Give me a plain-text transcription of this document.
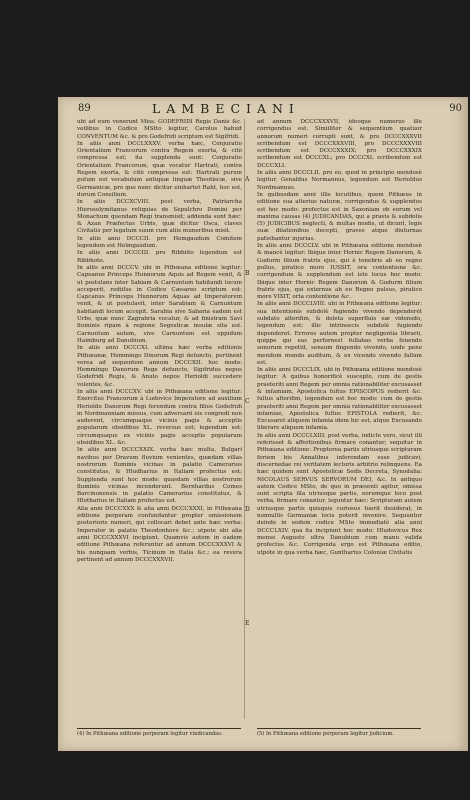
89	LAMBECIANI	90

ubi ad eum venerunt Miss. GODEFRIDI Regis Danis &c. veilibus in Codice MStto legitur, Carolus habuit CONVENTUM &c. & pro Godefridi scriptum est Sigifridi.

In aliis anni DCCLXXXV. verba hæc, Conjuratio Orientalium Francorum contra Regem exorta, & citò compressa est; ita supplenda sunt: Conjuratio Orientalium Francorum, quæ vocatur Hartrati, contra Regem exorta, & citò compressa est: Hartrati purum putum est vocabulum antiquæ linguæ Theotiscæ, sive Germanicæ, pro quo nunc dicitur einhartet Raht, hoc est, durum Consilium.

In aliis DCCXCVIII. post verba, Patriarcha Hierosolymitanus reliquias de Sepulchro Domini per Monachum quendam Regi transmisit; addenda sunt hæc: & Azan Præfectus Urbis, quæ dicitur Osca, claves Civitatis per legatum suum cum aliis muneribus misit.

In aliis anni DCCCII. pro Hemgaudum Comitem legendum est Helmgaudum.

In aliis anni DCCCIII. pro Ribbiito legendum est Ribbhoto.

In aliis anni DCCCV. ubi in Pithœana editione legitur: Capeanus Princeps Hunnorum Aquis ad Regem venit, & ut postulans inter Sabiam & Carnuntum habitandi locum acceperit, rediiſse in Codice Cæsareo scriptum est: Capcanus Princeps Hunnorum Aquas ad Imperatorem venit, & ut postulavit, inter Sarabiam & Carnuntum habitandi locum accepit. Sarabia sive Sabaria eadem est Urbs, quæ nunc Zagrabria vocatur, & ad finistram Savi fluminis ripam à regione Segesticæ insulæ sita est. Carnuntum autem, sive Carnuntum est oppidum Haimburg ad Danubium.

In aliis anni DCCCXI. ultima hæc verba editionis Pithœanæ, Hemmingo Dinorum Regi defuncto, pertinent verea ad sequentem annum DCCCXII. hoc modo: Hemmingo Danorum Rege defuncto, Sigifridus nepos Godefridi Regis, & Anulo nepos Herioldi succedere volentes, &c.

In aliis anni DCCCXV. ubi in Pithœana editione legitur: Exercitus Francorum à Ludovico Imperatore ad auxilium Herioldo Danorum Regi ferendum contra filios Godefridi in Nordmanniam missus, cum adversarii eis congredi non auderent, circumquaque vicinis pagis & acceptis popularum obsidibus XL. reversus est; legendum est: circumquaque ex vicinis pagis acceptis popularum obsidibus XL. &c.

In aliis anni DCCCXXIX. verba hæc multa, Bulgari navibus per Dravum fluvium venientes, quædam villas nostrorum fluminis vicinas in palatio Camerarios constitutas, & Hludharius in Italiam profectus est; Supplenda sunt hoc modo: quasdam villas nostrorum fluminis vicinas incenderunt. Bernhardus Comes Barcinonensis in palatio Camerarius constitutus, & Hlotharius in Italiam profectus est.

Alia anni DCCCXXX & alia anni DCCCXXXI, in Pithœana editione perperam confundantur propter omissionem posterioris numeri, qui collocari debet ante hæc verba: Imperator in palatio Theodonhove &c.; utpote ubi alia anni DCCCXXXVI incipiunt. Quamvis autem in eadem editione Pithœana referuntur ad annum DCCCXXXVI & his nunquam verbis, Ticinum in Italia &c.; ea revera pertinent ad annum DCCCXXXVII.

ad annum DCCCXXXVII, ideoque numerus ille corrigendus est. Simiiliter & sequentium quatuor annorum numeri corrupti sunt, & pro DCCCXXXVII scribendum est DCCCXXXVIII, pro DCCCXXXVIII scribendum est DCCCXXXIX; pro DCCCXXXIX scribendum est DCCCXL; pro DCCCXL scribendum est DCCCXLI.

In aliis anni DCCCLII. pro eo, quod in principio mendosè legitur, Genaldus Normannus, legendum est Herioldus Nordmannus.

In quibusdam anni illis locutibus, quem Pithœus in editione sua alterius naturæ, corrigendus & supplendus est hoc modo: profectus est in Saxoniam ob eorum vel maxima causas (4) JUDICANDAS, qui a pravis & subdolis (5) JUDICIBUS neglecti, & multas modis, ut dicunt, legis suæ dilationibus decepti, graves atque diuturnas patiebantur injurias.

In aliis anni DCCCLV. ubi in Pithœana editione mendosè & mancè legitur: Ibique inter Hornic Regem Danorum, & Gudurm filium fratris ejus, qui è tenebris ab eo regno pullus, piratico more IUSSIT, ora contentione &c. corrigendum & supplendum est iste locus hoc modo: Ibique inter Hornic Regem Danorum & Gudurm filium fratris ejus, qui externus ab eo Regno pulsus, piratico more VIXIT, orta contentione &c.

In aliis anni DCCCLVIII. ubi in Pithœana editione legitur: sua intentionis subdolè fugiendo vivendo dependerét subdato alterifim, & deleta superfluis eæ vidensdo, legendum est: illic intrinsecis subdolè fugiendo dependeret. Errores autem propter negligentia librarii, quippe qui eas perfornest fullabas verba fenendo sonorum repetiit, sensum fingendo vivendo, unde pene mendum mundo auditum, & ex vicendo vivendo fallum est.

In aliis anni DCCCLIX. ubi in Pithœana editione mendosè legitur: A quibus honorificè suscepto, cum de gestis praeteriti anni Regem per omnia rationabiliter excusasset & infamiam, Apostolica fultus EPISCOPUS redierit &c. fultus alterifim, legendum est hoc modo: cum de gestis praeteriti anni Regem per omnia rationabiliter excusasset infamiae, Apostolica fultus EPISTOLA redierit, &c. Excusaret aliquem infamia idem hic est, atque Excusando liberare aliquem infamia.

In aliis anni DCCCLXIII. post verba, indicte vero, sicut illi referisset & affertionibus firmare conantur; sequitur in Pithœana editione: Propterea pariis utriusque scripturam feriem bis Annalibus inferendam esse judicavi, discernedae rei veritatem lectoris arbitrio relinquens. Ea hæc quidem sunt Apostolicæ Sedis Decreta, Synodalia: NICOLAUS SERVUS SERVORUM DEI, &c. In antiquo autem Codice MSto, de quo in præsenti agitur, omissa sunt scripta illa utriusque partis, eorumque loco post verba, firmare conantur, leguntur hæc: Scripturam autem utriusque partis quisquis curiosus fuerit desiderat, in nonnullis Germaniæ locis poterit invenire. Sequuntur deinde in eodem codice MSto immediatè alia anni DCCCLXIV. qua ita incipiunt hoc modo: Hludovicus Rex mense Augusto ultra Danubium cum manu valida profectus &c. Corrigenda ergo est Pithœana editio, utpote in qua verba hæc, Guntharius Coloniæ Civitatis

A
B
C
D
E
(4) In Pithœana editione perperam legitur vindicandas.	(5) In Pithœana editione perperam legitur judicium.
